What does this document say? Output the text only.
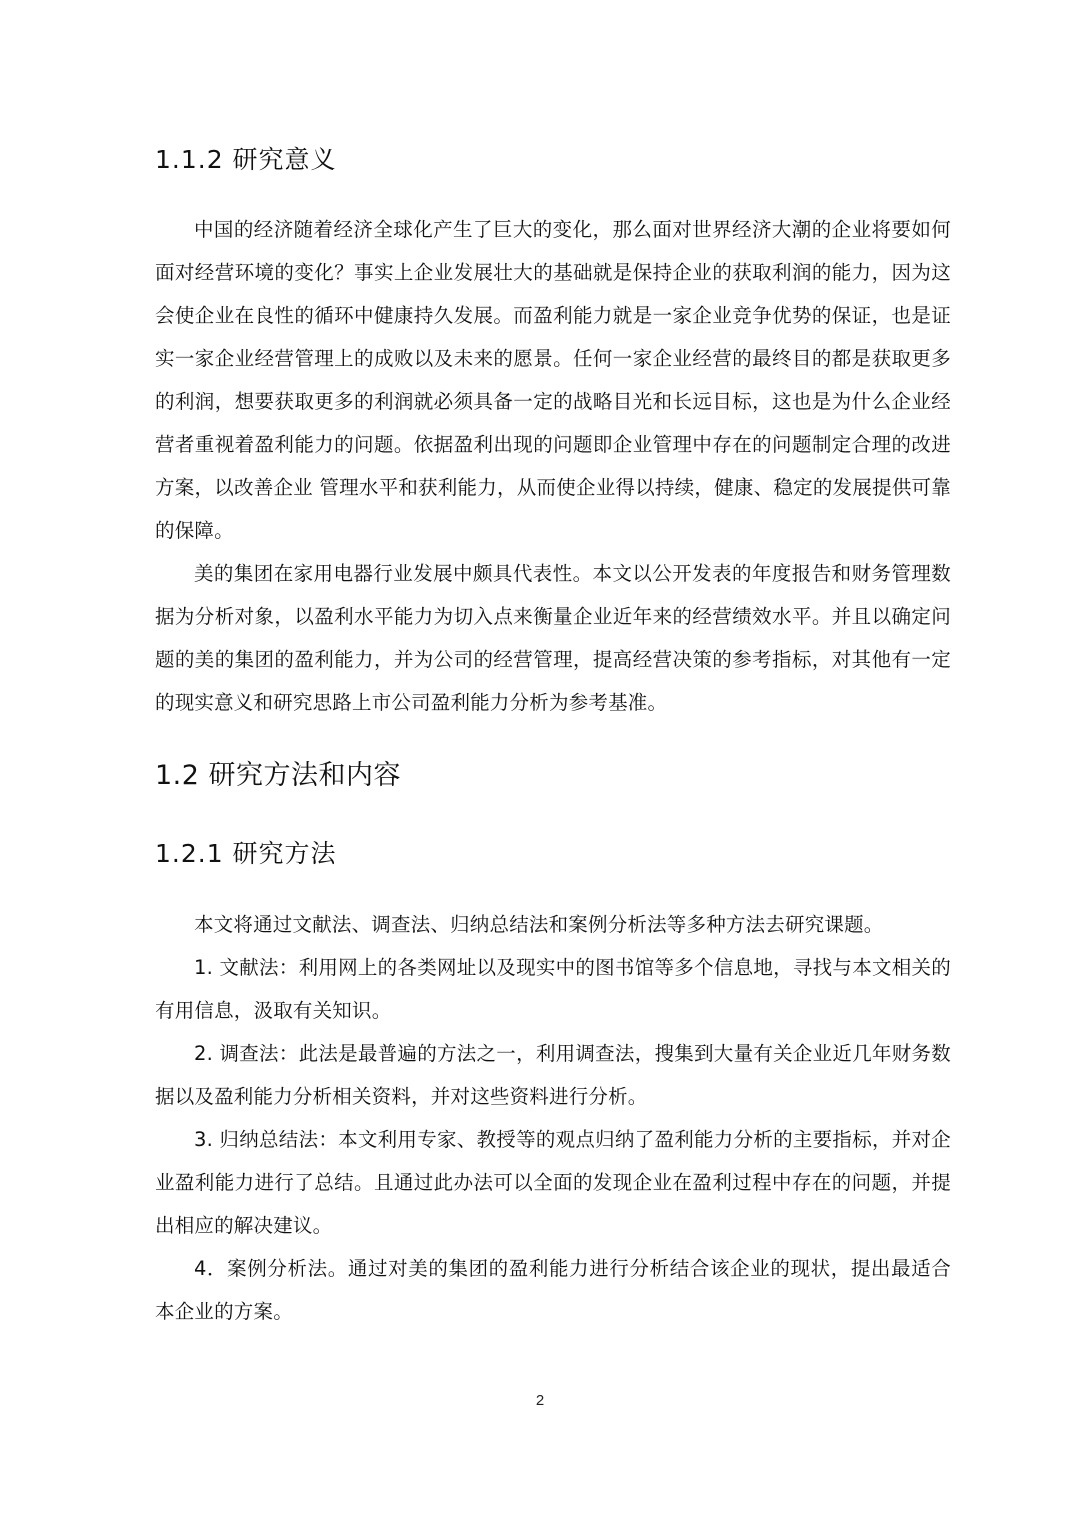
1.1.2 研究意义

中国的经济随着经济全球化产生了巨大的变化，那么面对世界经济大潮的企业将要如何面对经营环境的变化？事实上企业发展壮大的基础就是保持企业的获取利润的能力，因为这会使企业在良性的循环中健康持久发展。而盈利能力就是一家企业竞争优势的保证，也是证实一家企业经营管理上的成败以及未来的愿景。任何一家企业经营的最终目的都是获取更多的利润，想要获取更多的利润就必须具备一定的战略目光和长远目标，这也是为什么企业经营者重视着盈利能力的问题。依据盈利出现的问题即企业管理中存在的问题制定合理的改进方案，以改善企业 管理水平和获利能力，从而使企业得以持续，健康、稳定的发展提供可靠的保障。

美的集团在家用电器行业发展中颇具代表性。本文以公开发表的年度报告和财务管理数据为分析对象，以盈利水平能力为切入点来衡量企业近年来的经营绩效水平。并且以确定问题的美的集团的盈利能力，并为公司的经营管理，提高经营决策的参考指标，对其他有一定的现实意义和研究思路上市公司盈利能力分析为参考基准。

1.2 研究方法和内容
1.2.1 研究方法

本文将通过文献法、调查法、归纳总结法和案例分析法等多种方法去研究课题。

1. 文献法：利用网上的各类网址以及现实中的图书馆等多个信息地，寻找与本文相关的有用信息，汲取有关知识。

2. 调查法：此法是最普遍的方法之一，利用调查法，搜集到大量有关企业近几年财务数据以及盈利能力分析相关资料，并对这些资料进行分析。

3. 归纳总结法：本文利用专家、教授等的观点归纳了盈利能力分析的主要指标，并对企业盈利能力进行了总结。且通过此办法可以全面的发现企业在盈利过程中存在的问题，并提出相应的解决建议。

4．案例分析法。通过对美的集团的盈利能力进行分析结合该企业的现状，提出最适合本企业的方案。

2
